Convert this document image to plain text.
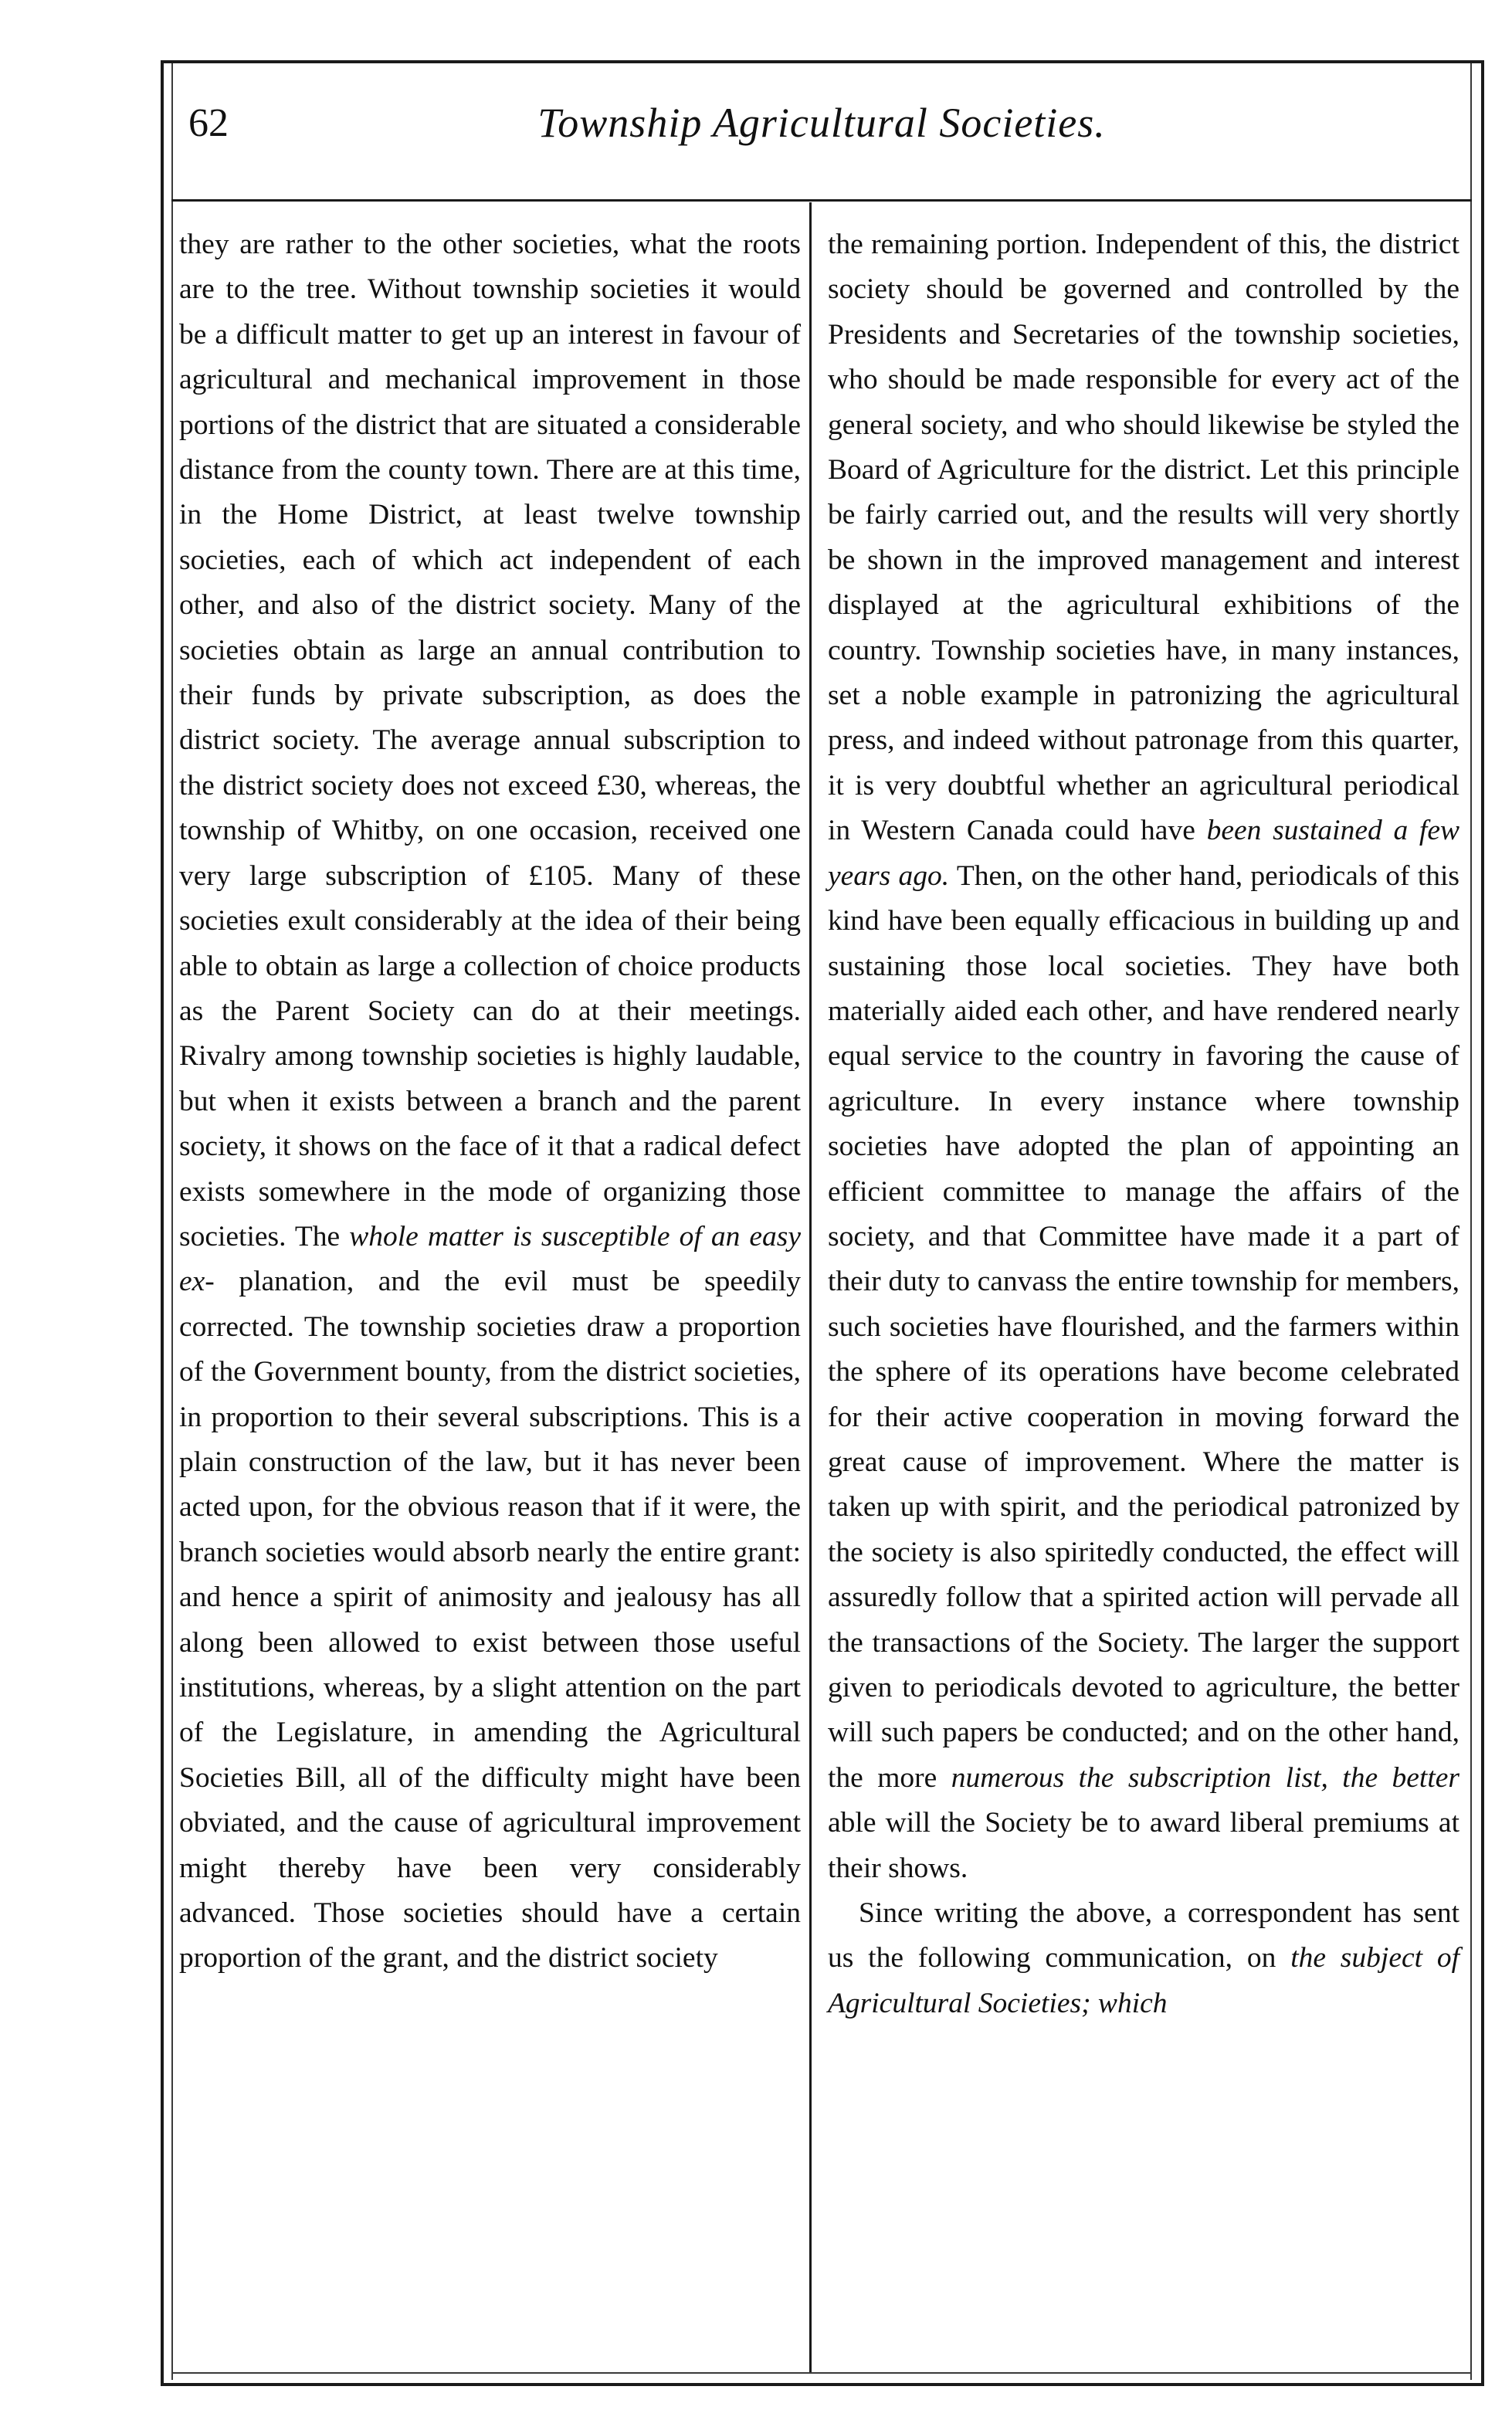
62	Township Agricultural Societies.

they are rather to the other societies, what the roots are to the tree. Without township societies it would be a difficult matter to get up an interest in favour of agricultural and mechanical improvement in those portions of the district that are situated a considerable distance from the county town. There are at this time, in the Home District, at least twelve township societies, each of which act independent of each other, and also of the district society. Many of the societies obtain as large an annual contribution to their funds by private subscription, as does the district society. The average annual subscription to the district society does not exceed £30, whereas, the township of Whitby, on one occasion, received one very large subscription of £105. Many of these societies exult considerably at the idea of their being able to obtain as large a collection of choice products as the Parent Society can do at their meetings. Rivalry among township societies is highly laudable, but when it exists between a branch and the parent society, it shows on the face of it that a radical defect exists somewhere in the mode of organizing those societies. The whole matter is susceptible of an easy ex- planation, and the evil must be speedily corrected. The township societies draw a proportion of the Government bounty, from the district societies, in proportion to their several subscriptions. This is a plain construction of the law, but it has never been acted upon, for the obvious reason that if it were, the branch societies would absorb nearly the entire grant: and hence a spirit of animosity and jealousy has all along been allowed to exist between those useful institutions, whereas, by a slight attention on the part of the Legislature, in amending the Agricultural Societies Bill, all of the difficulty might have been obviated, and the cause of agricultural improvement might thereby have been very considerably advanced. Those societies should have a certain proportion of the grant, and the district society

the remaining portion. Independent of this, the district society should be governed and controlled by the Presidents and Secretaries of the township societies, who should be made responsible for every act of the general society, and who should likewise be styled the Board of Agriculture for the district. Let this principle be fairly carried out, and the results will very shortly be shown in the improved management and interest displayed at the agricultural exhibitions of the country. Township societies have, in many instances, set a noble example in patronizing the agricultural press, and indeed without patronage from this quarter, it is very doubtful whether an agricultural periodical in Western Canada could have been sustained a few years ago. Then, on the other hand, periodicals of this kind have been equally efficacious in building up and sustaining those local societies. They have both materially aided each other, and have rendered nearly equal service to the country in favoring the cause of agriculture. In every instance where township societies have adopted the plan of appointing an efficient committee to manage the affairs of the society, and that Committee have made it a part of their duty to canvass the entire township for members, such societies have flourished, and the farmers within the sphere of its operations have become celebrated for their active cooperation in moving forward the great cause of improvement. Where the matter is taken up with spirit, and the periodical patronized by the society is also spiritedly conducted, the effect will assuredly follow that a spirited action will pervade all the transactions of the Society. The larger the support given to periodicals devoted to agriculture, the better will such papers be conducted; and on the other hand, the more numerous the subscription list, the better able will the Society be to award liberal premiums at their shows.

Since writing the above, a correspondent has sent us the following communication, on the subject of Agricultural Societies; which
